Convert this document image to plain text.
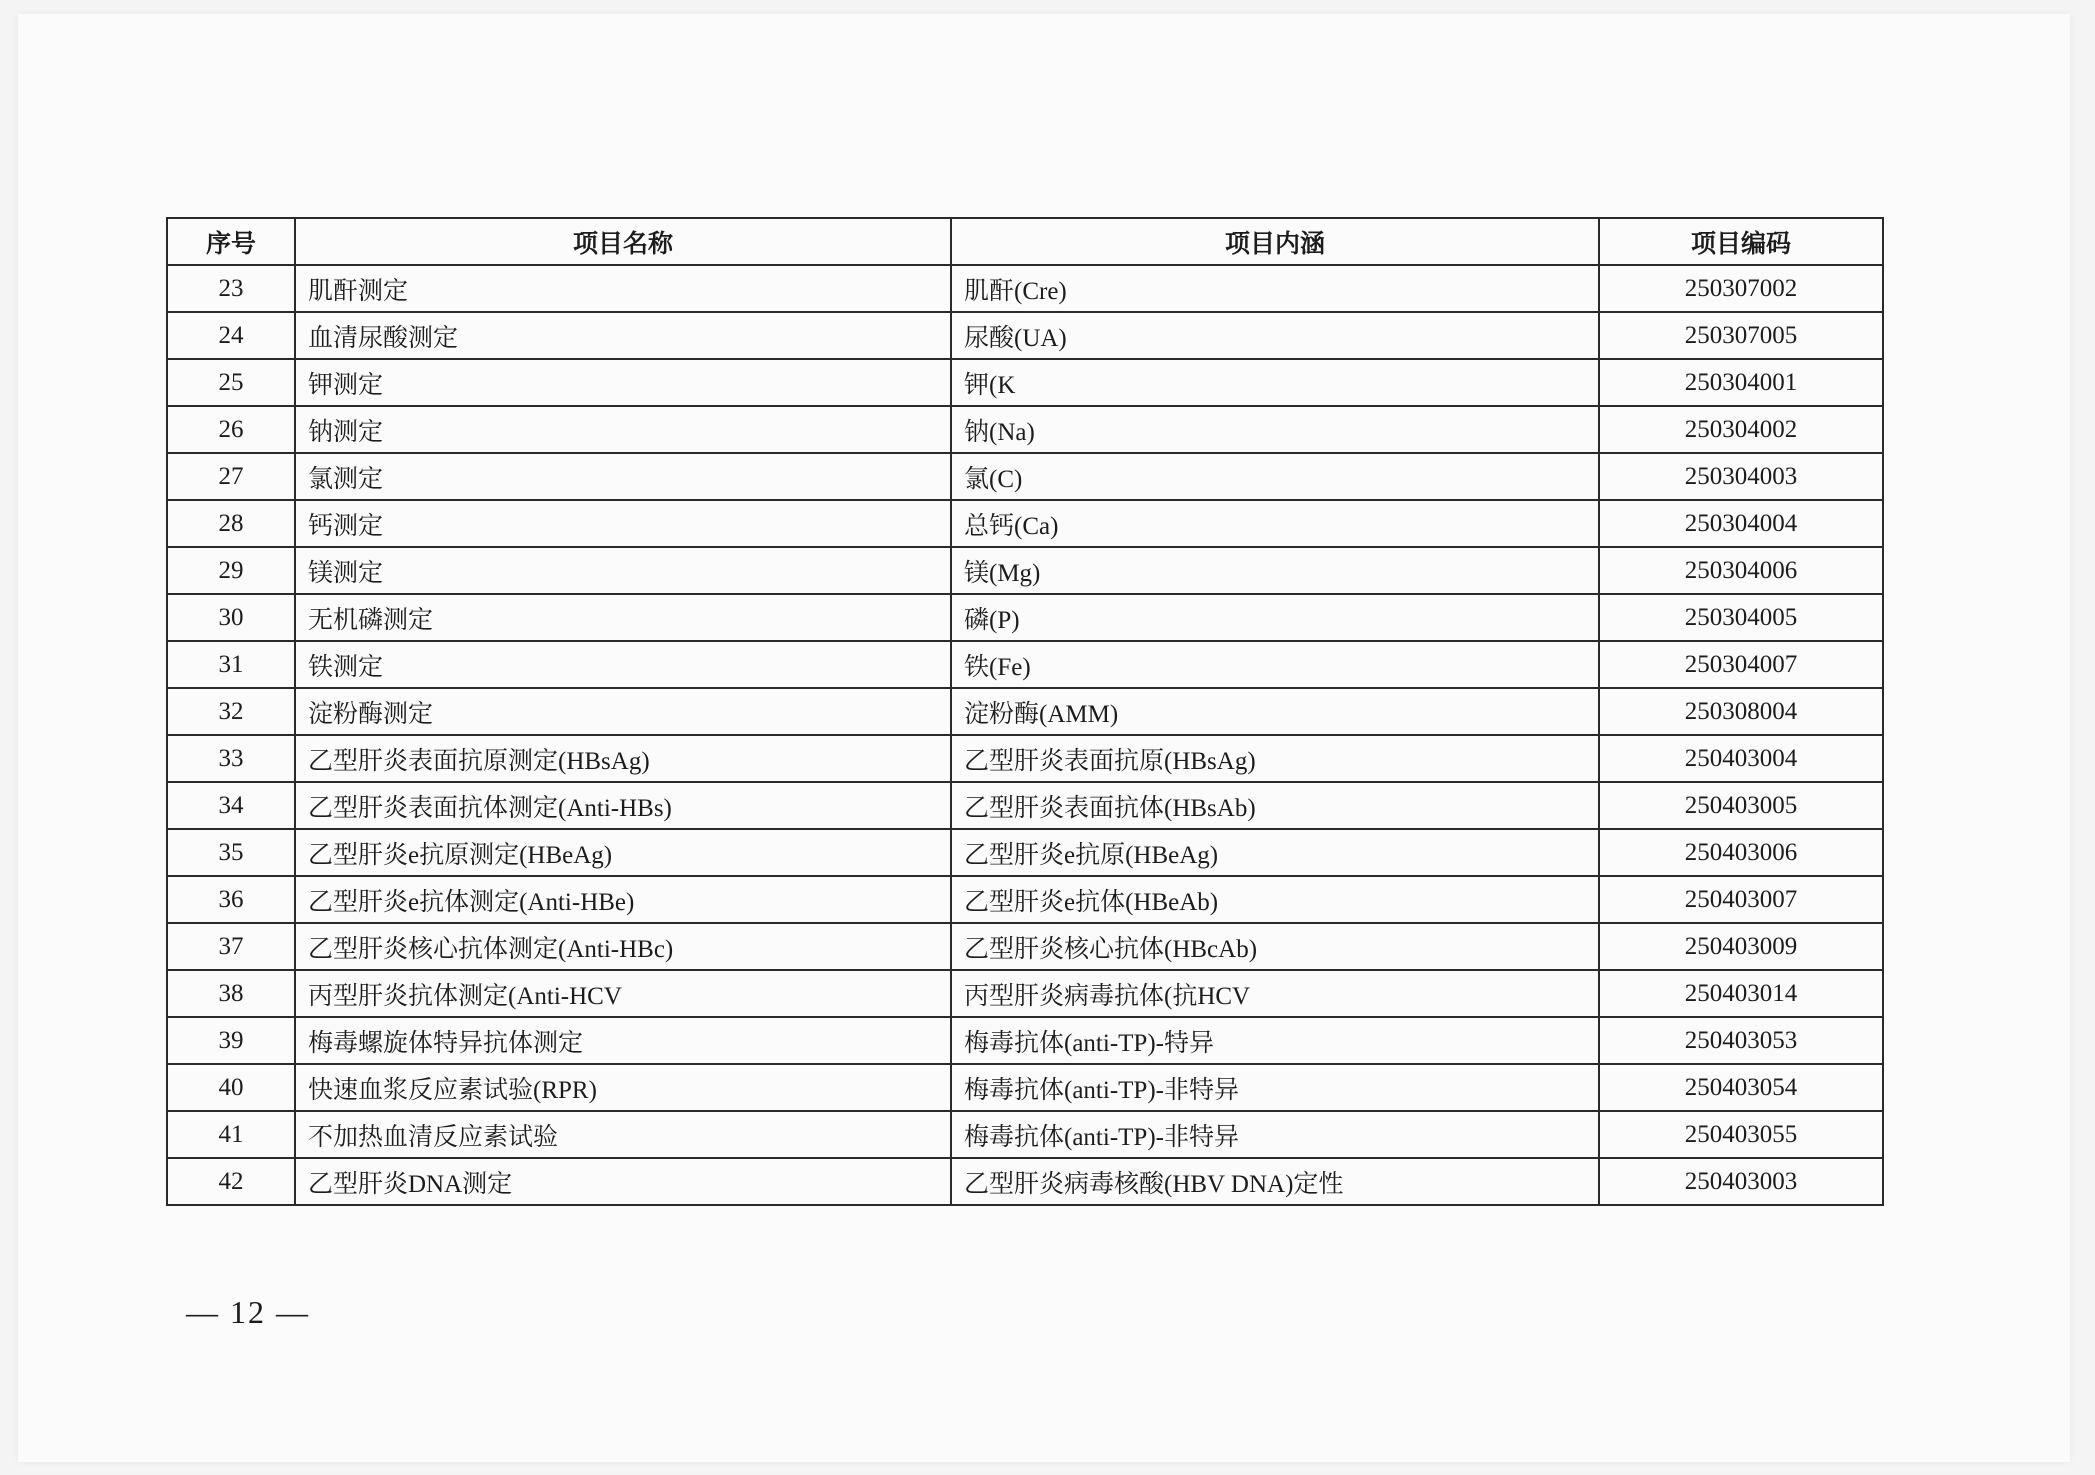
序号	项目名称	项目内涵	项目编码
23	肌酐测定	肌酐(Cre)	250307002
24	血清尿酸测定	尿酸(UA)	250307005
25	钾测定	钾(K	250304001
26	钠测定	钠(Na)	250304002
27	氯测定	氯(C)	250304003
28	钙测定	总钙(Ca)	250304004
29	镁测定	镁(Mg)	250304006
30	无机磷测定	磷(P)	250304005
31	铁测定	铁(Fe)	250304007
32	淀粉酶测定	淀粉酶(AMM)	250308004
33	乙型肝炎表面抗原测定(HBsAg)	乙型肝炎表面抗原(HBsAg)	250403004
34	乙型肝炎表面抗体测定(Anti-HBs)	乙型肝炎表面抗体(HBsAb)	250403005
35	乙型肝炎e抗原测定(HBeAg)	乙型肝炎e抗原(HBeAg)	250403006
36	乙型肝炎e抗体测定(Anti-HBe)	乙型肝炎e抗体(HBeAb)	250403007
37	乙型肝炎核心抗体测定(Anti-HBc)	乙型肝炎核心抗体(HBcAb)	250403009
38	丙型肝炎抗体测定(Anti-HCV	丙型肝炎病毒抗体(抗HCV	250403014
39	梅毒螺旋体特异抗体测定	梅毒抗体(anti-TP)-特异	250403053
40	快速血浆反应素试验(RPR)	梅毒抗体(anti-TP)-非特异	250403054
41	不加热血清反应素试验	梅毒抗体(anti-TP)-非特异	250403055
42	乙型肝炎DNA测定	乙型肝炎病毒核酸(HBV DNA)定性	250403003
— 12 —
